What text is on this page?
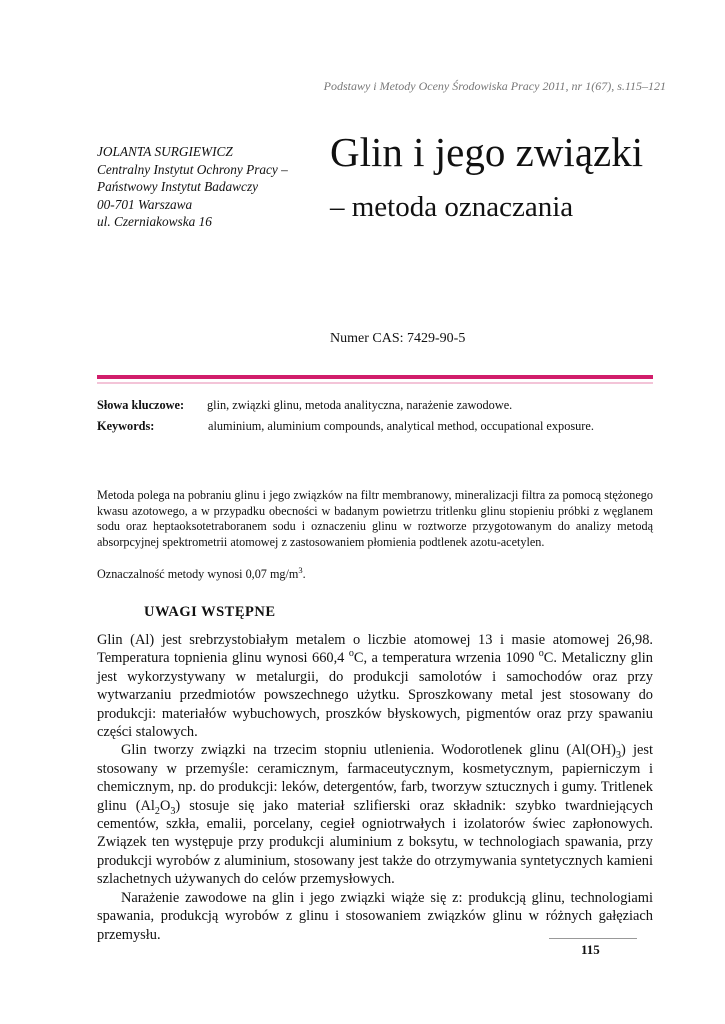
Podstawy i Metody Oceny Środowiska Pracy 2011, nr 1(67), s.115–121
JOLANTA SURGIEWICZ
Centralny Instytut Ochrony Pracy –
Państwowy Instytut Badawczy
00-701 Warszawa
ul. Czerniakowska 16
Glin i jego związki
– metoda oznaczania
Numer CAS: 7429-90-5
Słowa kluczowe: glin, związki glinu, metoda analityczna, narażenie zawodowe.
Keywords:	aluminium, aluminium compounds, analytical method, occupational exposure.
Metoda polega na pobraniu glinu i jego związków na filtr membranowy, mineralizacji filtra za pomocą stężonego kwasu azotowego, a w przypadku obecności w badanym powietrzu tritlenku glinu stopieniu próbki z węglanem sodu oraz heptaoksotetraboranem sodu i oznaczeniu glinu w roztworze przygotowanym do analizy metodą absorpcyjnej spektrometrii atomowej z zastosowaniem płomienia podtlenek azotu-acetylen.
Oznaczalność metody wynosi 0,07 $mg/m^3$.
UWAGI WSTĘPNE

Glin (Al) jest srebrzystobiałym metalem o liczbie atomowej 13 i masie atomowej 26,98. Temperatura topnienia glinu wynosi 660,4 $^o$C, a temperatura wrzenia 1090 $^o$C. Metaliczny glin jest wykorzystywany w metalurgii, do produkcji samolotów i samochodów oraz przy wytwarzaniu przedmiotów powszechnego użytku. Sproszkowany metal jest stosowany do produkcji: materiałów wybuchowych, proszków błyskowych, pigmentów oraz przy spawaniu części stalowych.

Glin tworzy związki na trzecim stopniu utlenienia. Wodorotlenek glinu $(Al(OH)_3)$ jest stosowany w przemyśle: ceramicznym, farmaceutycznym, kosmetycznym, papierniczym i chemicznym, np. do produkcji: leków, detergentów, farb, tworzyw sztucznych i gumy. Tritlenek glinu $(Al_2O_3)$ stosuje się jako materiał szlifierski oraz składnik: szybko twardniejących cementów, szkła, emalii, porcelany, cegieł ogniotrwałych i izolatorów świec zapłonowych. Związek ten występuje przy produkcji aluminium z boksytu, w technologiach spawania, przy produkcji wyrobów z aluminium, stosowany jest także do otrzymywania syntetycznych kamieni szlachetnych używanych do celów przemysłowych.

Narażenie zawodowe na glin i jego związki wiąże się z: produkcją glinu, technologiami spawania, produkcją wyrobów z glinu i stosowaniem związków glinu w różnych gałęziach przemysłu.

115
